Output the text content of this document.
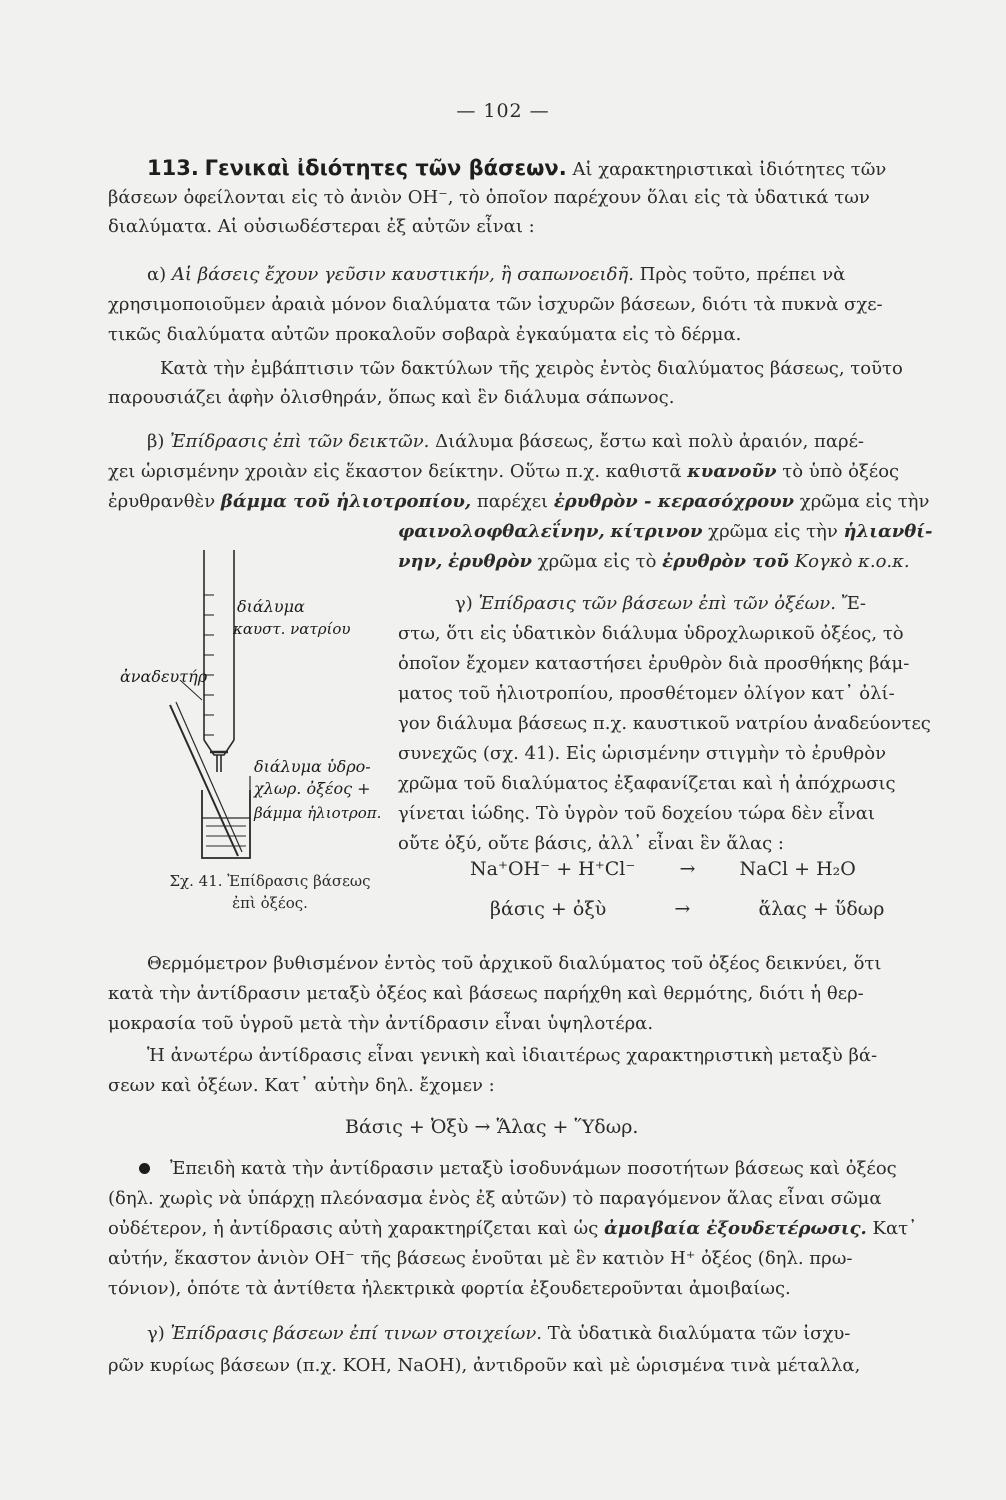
— 102 —
113. Γενικαὶ ἰδιότητες τῶν βάσεων. Αἱ χαρακτηριστικαὶ ἰδιότητες τῶν
βάσεων ὀφείλονται εἰς τὸ ἀνιὸν OH⁻, τὸ ὁποῖον παρέχουν ὅλαι εἰς τὰ ὑδατικά των
διαλύματα. Αἱ οὐσιωδέστεραι ἐξ αὐτῶν εἶναι :
α) Αἱ βάσεις ἔχουν γεῦσιν καυστικήν, ἢ σαπωνοειδῆ. Πρὸς τοῦτο, πρέπει νὰ
χρησιμοποιοῦμεν ἀραιὰ μόνον διαλύματα τῶν ἰσχυρῶν βάσεων, διότι τὰ πυκνὰ σχε-
τικῶς διαλύματα αὐτῶν προκαλοῦν σοβαρὰ ἐγκαύματα εἰς τὸ δέρμα.
Κατὰ τὴν ἐμβάπτισιν τῶν δακτύλων τῆς χειρὸς ἐντὸς διαλύματος βάσεως, τοῦτο
παρουσιάζει ἀφὴν ὀλισθηράν, ὅπως καὶ ἓν διάλυμα σάπωνος.
β) Ἐπίδρασις ἐπὶ τῶν δεικτῶν. Διάλυμα βάσεως, ἔστω καὶ πολὺ ἀραιόν, παρέ-
χει ὡρισμένην χροιὰν εἰς ἕκαστον δείκτην. Οὕτω π.χ. καθιστᾶ κυανοῦν τὸ ὑπὸ ὀξέος
ἐρυθρανθὲν βάμμα τοῦ ἡλιοτροπίου, παρέχει ἐρυθρὸν - κερασόχρουν χρῶμα εἰς τὴν
φαινολοφθαλεΐνην, κίτρινον χρῶμα εἰς τὴν ἡλιανθί-
νην, ἐρυθρὸν χρῶμα εἰς τὸ ἐρυθρὸν τοῦ Κογκὸ κ.ο.κ.
γ) Ἐπίδρασις τῶν βάσεων ἐπὶ τῶν ὀξέων. Ἔ-
στω, ὅτι εἰς ὑδατικὸν διάλυμα ὑδροχλωρικοῦ ὀξέος, τὸ
ὁποῖον ἔχομεν καταστήσει ἐρυθρὸν διὰ προσθήκης βάμ-
ματος τοῦ ἡλιοτροπίου, προσθέτομεν ὀλίγον κατ᾽ ὀλί-
γον διάλυμα βάσεως π.χ. καυστικοῦ νατρίου ἀναδεύοντες
συνεχῶς (σχ. 41). Εἰς ὡρισμένην στιγμὴν τὸ ἐρυθρὸν
χρῶμα τοῦ διαλύματος ἐξαφανίζεται καὶ ἡ ἀπόχρωσις
γίνεται ἰώδης. Τὸ ὑγρὸν τοῦ δοχείου τώρα δὲν εἶναι
οὔτε ὀξύ, οὔτε βάσις, ἀλλ᾽ εἶναι ἓν ἅλας :
διάλυμα
καυστ. νατρίου
ἀναδευτήρ
διάλυμα ὑδρο-
χλωρ. ὀξέος +
βάμμα ἡλιοτρoπ.
Σχ. 41. Ἐπίδρασις βάσεως
ἐπὶ ὀξέος.
Na⁺OH⁻ + H⁺Cl⁻ → NaCl + H₂O
βάσις + ὀξὺ	→	ἅλας + ὕδωρ
Θερμόμετρον βυθισμένον ἐντὸς τοῦ ἀρχικοῦ διαλύματος τοῦ ὀξέος δεικνύει, ὅτι
κατὰ τὴν ἀντίδρασιν μεταξὺ ὀξέος καὶ βάσεως παρήχθη καὶ θερμότης, διότι ἡ θερ-
μοκρασία τοῦ ὑγροῦ μετὰ τὴν ἀντίδρασιν εἶναι ὑψηλοτέρα.
Ἡ ἀνωτέρω ἀντίδρασις εἶναι γενικὴ καὶ ἰδιαιτέρως χαρακτηριστικὴ μεταξὺ βά-
σεων καὶ ὀξέων. Κατ᾽ αὐτὴν δηλ. ἔχομεν :
Βάσις + Ὀξὺ → Ἅλας + Ὕδωρ.
Ἐπειδὴ κατὰ τὴν ἀντίδρασιν μεταξὺ ἰσοδυνάμων ποσοτήτων βάσεως καὶ ὀξέος
(δηλ. χωρὶς νὰ ὑπάρχῃ πλεόνασμα ἑνὸς ἐξ αὐτῶν) τὸ παραγόμενον ἅλας εἶναι σῶμα
οὐδέτερον, ἡ ἀντίδρασις αὐτὴ χαρακτηρίζεται καὶ ὡς ἀμοιβαία ἐξουδετέρωσις. Κατ᾽
αὐτήν, ἕκαστον ἀνιὸν OH⁻ τῆς βάσεως ἑνοῦται μὲ ἓν κατιὸν H⁺ ὀξέος (δηλ. πρω-
τόνιον), ὁπότε τὰ ἀντίθετα ἠλεκτρικὰ φορτία ἐξουδετεροῦνται ἀμοιβαίως.
γ) Ἐπίδρασις βάσεων ἐπί τινων στοιχείων. Τὰ ὑδατικὰ διαλύματα τῶν ἰσχυ-
ρῶν κυρίως βάσεων (π.χ. KOH, NaOH), ἀντιδροῦν καὶ μὲ ὡρισμένα τινὰ μέταλλα,
